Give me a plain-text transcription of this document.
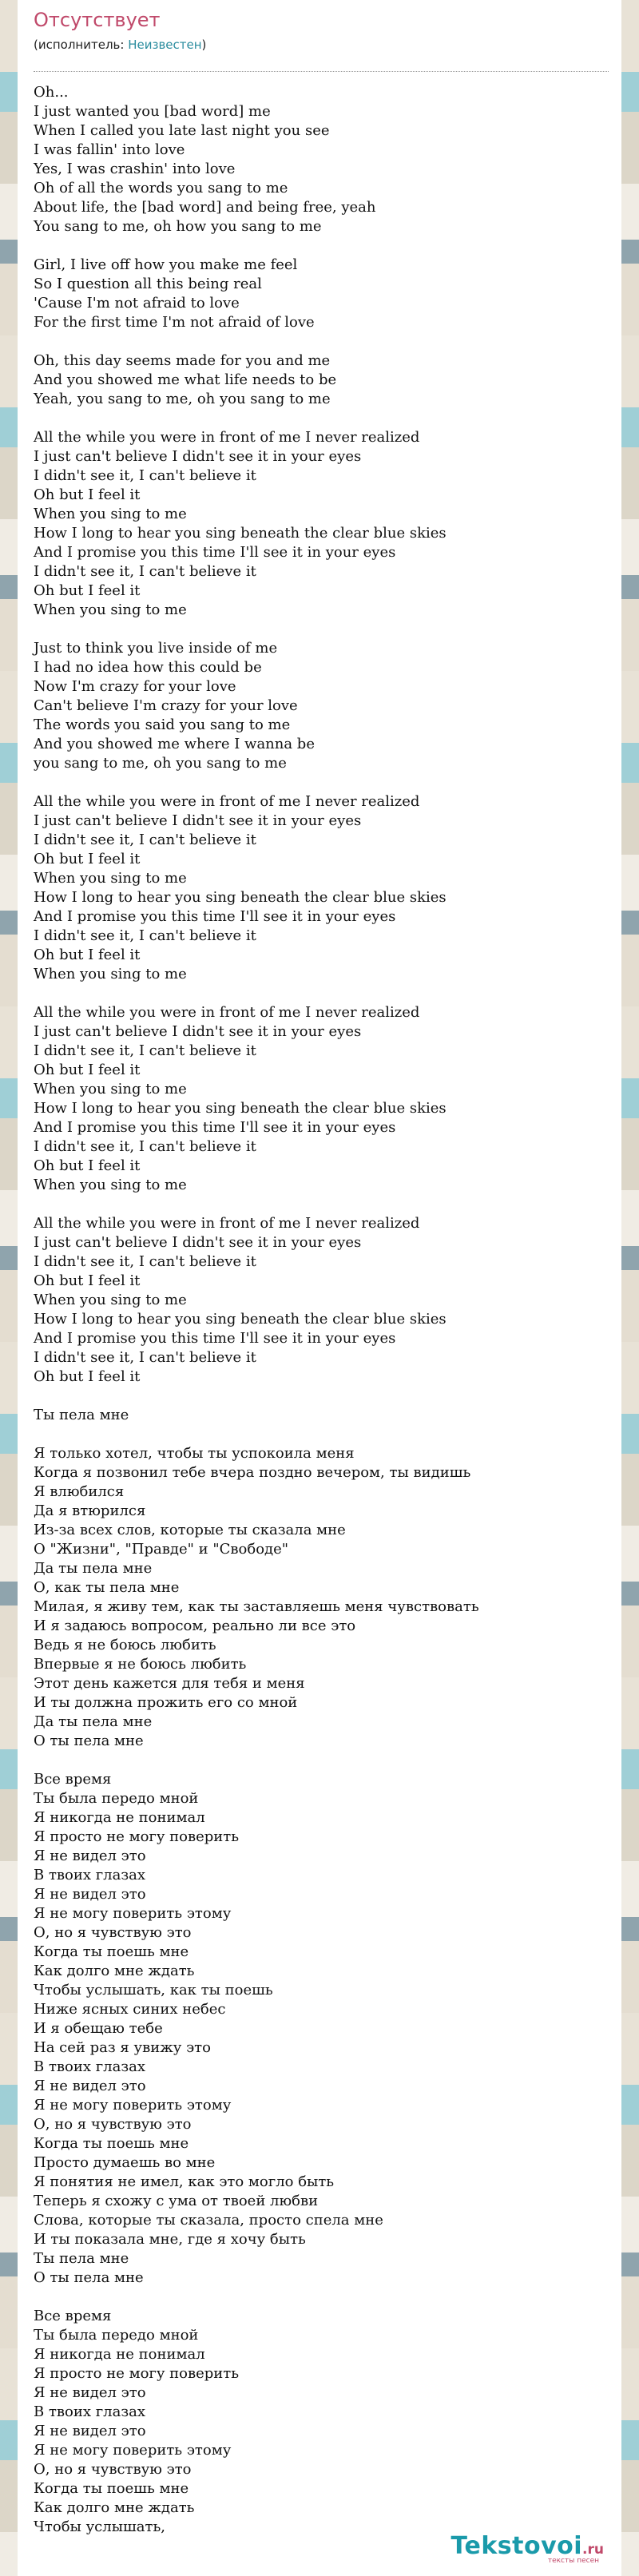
Отсутствует
(исполнитель: Неизвестен)
Oh...
I just wanted you [bad word] me
When I called you late last night you see
I was fallin' into love
Yes, I was crashin' into love
Oh of all the words you sang to me
About life, the [bad word] and being free, yeah
You sang to me, oh how you sang to me
Girl, I live off how you make me feel
So I question all this being real
'Cause I'm not afraid to love
For the first time I'm not afraid of love
Oh, this day seems made for you and me
And you showed me what life needs to be
Yeah, you sang to me, oh you sang to me
All the while you were in front of me I never realized
I just can't believe I didn't see it in your eyes
I didn't see it, I can't believe it
Oh but I feel it
When you sing to me
How I long to hear you sing beneath the clear blue skies
And I promise you this time I'll see it in your eyes
I didn't see it, I can't believe it
Oh but I feel it
When you sing to me
Just to think you live inside of me
I had no idea how this could be
Now I'm crazy for your love
Can't believe I'm crazy for your love
The words you said you sang to me
And you showed me where I wanna be
you sang to me, oh you sang to me
All the while you were in front of me I never realized
I just can't believe I didn't see it in your eyes
I didn't see it, I can't believe it
Oh but I feel it
When you sing to me
How I long to hear you sing beneath the clear blue skies
And I promise you this time I'll see it in your eyes
I didn't see it, I can't believe it
Oh but I feel it
When you sing to me
All the while you were in front of me I never realized
I just can't believe I didn't see it in your eyes
I didn't see it, I can't believe it
Oh but I feel it
When you sing to me
How I long to hear you sing beneath the clear blue skies
And I promise you this time I'll see it in your eyes
I didn't see it, I can't believe it
Oh but I feel it
When you sing to me
All the while you were in front of me I never realized
I just can't believe I didn't see it in your eyes
I didn't see it, I can't believe it
Oh but I feel it
When you sing to me
How I long to hear you sing beneath the clear blue skies
And I promise you this time I'll see it in your eyes
I didn't see it, I can't believe it
Oh but I feel it
Ты пела мне
Я только хотел, чтобы ты успокоила меня
Когда я позвонил тебе вчера поздно вечером, ты видишь
Я влюбился
Да я втюрился
Из-за всех слов, которые ты сказала мне
О "Жизни", "Правде" и "Свободе"
Да ты пела мне
О, как ты пела мне
Милая, я живу тем, как ты заставляешь меня чувствовать
И я задаюсь вопросом, реально ли все это
Ведь я не боюсь любить
Впервые я не боюсь любить
Этот день кажется для тебя и меня
И ты должна прожить его со мной
Да ты пела мне
О ты пела мне
Все время
Ты была передо мной
Я никогда не понимал
Я просто не могу поверить
Я не видел это
В твоих глазах
Я не видел это
Я не могу поверить этому
О, но я чувствую это
Когда ты поешь мне
Как долго мне ждать
Чтобы услышать, как ты поешь
Ниже ясных синих небес
И я обещаю тебе
На сей раз я увижу это
В твоих глазах
Я не видел это
Я не могу поверить этому
О, но я чувствую это
Когда ты поешь мне
Просто думаешь во мне
Я понятия не имел, как это могло быть
Теперь я схожу с ума от твоей любви
Слова, которые ты сказала, просто спела мне
И ты показала мне, где я хочу быть
Ты пела мне
О ты пела мне
Все время
Ты была передо мной
Я никогда не понимал
Я просто не могу поверить
Я не видел это
В твоих глазах
Я не видел это
Я не могу поверить этому
О, но я чувствую это
Когда ты поешь мне
Как долго мне ждать
Чтобы услышать,
Tekstovoi.ru
тексты песен
